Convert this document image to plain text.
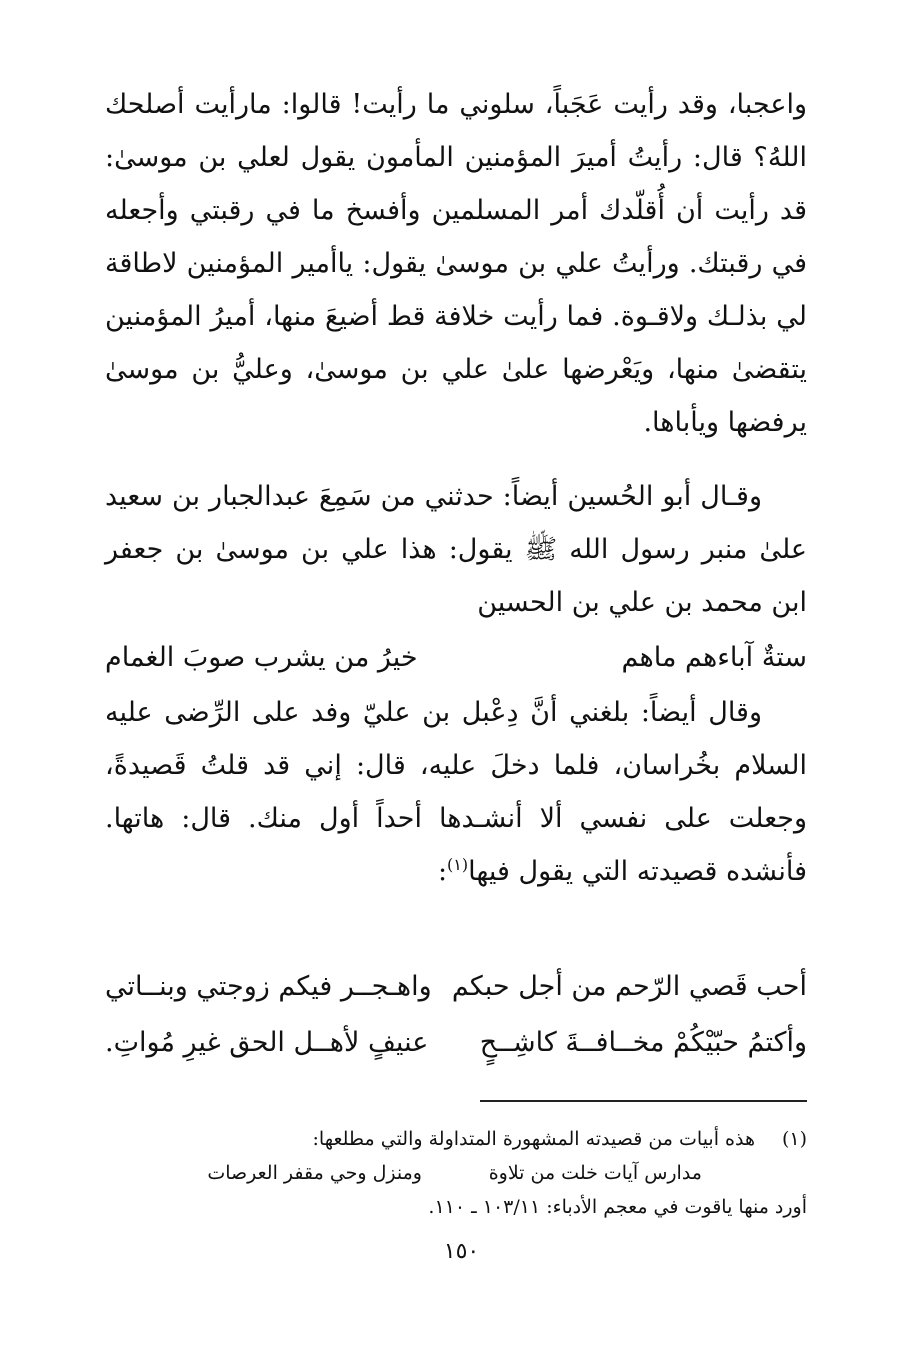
واعجبا، وقد رأيت عَجَباً، سلوني ما رأيت! قالوا: مارأيت أصلحك اللهُ؟ قال: رأيتُ أميرَ المؤمنين المأمون يقول لعلي بن موسىٰ: قد رأيت أن أُقلّدك أمر المسلمين وأفسخ ما في رقبتي وأجعله في رقبتك. ورأيتُ علي بن موسىٰ يقول: ياأمير المؤمنين لاطاقة لي بذلـك ولاقـوة. فما رأيت خلافة قط أضيعَ منها، أميرُ المؤمنين يتقضىٰ منها، ويَعْرضها علىٰ علي بن موسىٰ، وعليُّ بن موسىٰ يرفضها ويأباها.

وقـال أبو الحُسين أيضاً: حدثني من سَمِعَ عبدالجبار بن سعيد علىٰ منبر رسول الله ﷺ يقول: هذا علي بن موسىٰ بن جعفر ابن محمد بن علي بن الحسين

ستةٌ آباءهم ماهم
خيرُ من يشرب صوبَ الغمام

وقال أيضاً: بلغني أنَّ دِعْبل بن عليّ وفد على الرِّضى عليه السلام بخُراسان، فلما دخلَ عليه، قال: إني قد قلتُ قَصيدةً، وجعلت على نفسي ألا أنشـدها أحداً أول منك. قال: هاتها. فأنشده قصيدته التي يقول فيها$^{(١)}$:

أحب قَصي الرّحم من أجل حبكم
واهـجــر فيكم زوجتي وبنــاتي
وأكتمُ حبّيْكُمْ مخــافــةَ كاشِــحٍ
عنيفٍ لأهــل الحق غيرِ مُواتِ.
(١)
هذه أبيات من قصيدته المشهورة المتداولة والتي مطلعها:
مدارس آيات خلت من تلاوة
ومنزل وحي مقفر العرصات
أورد منها ياقوت في معجم الأدباء: ١٠٣/١١ ـ ١١٠.
١٥٠
